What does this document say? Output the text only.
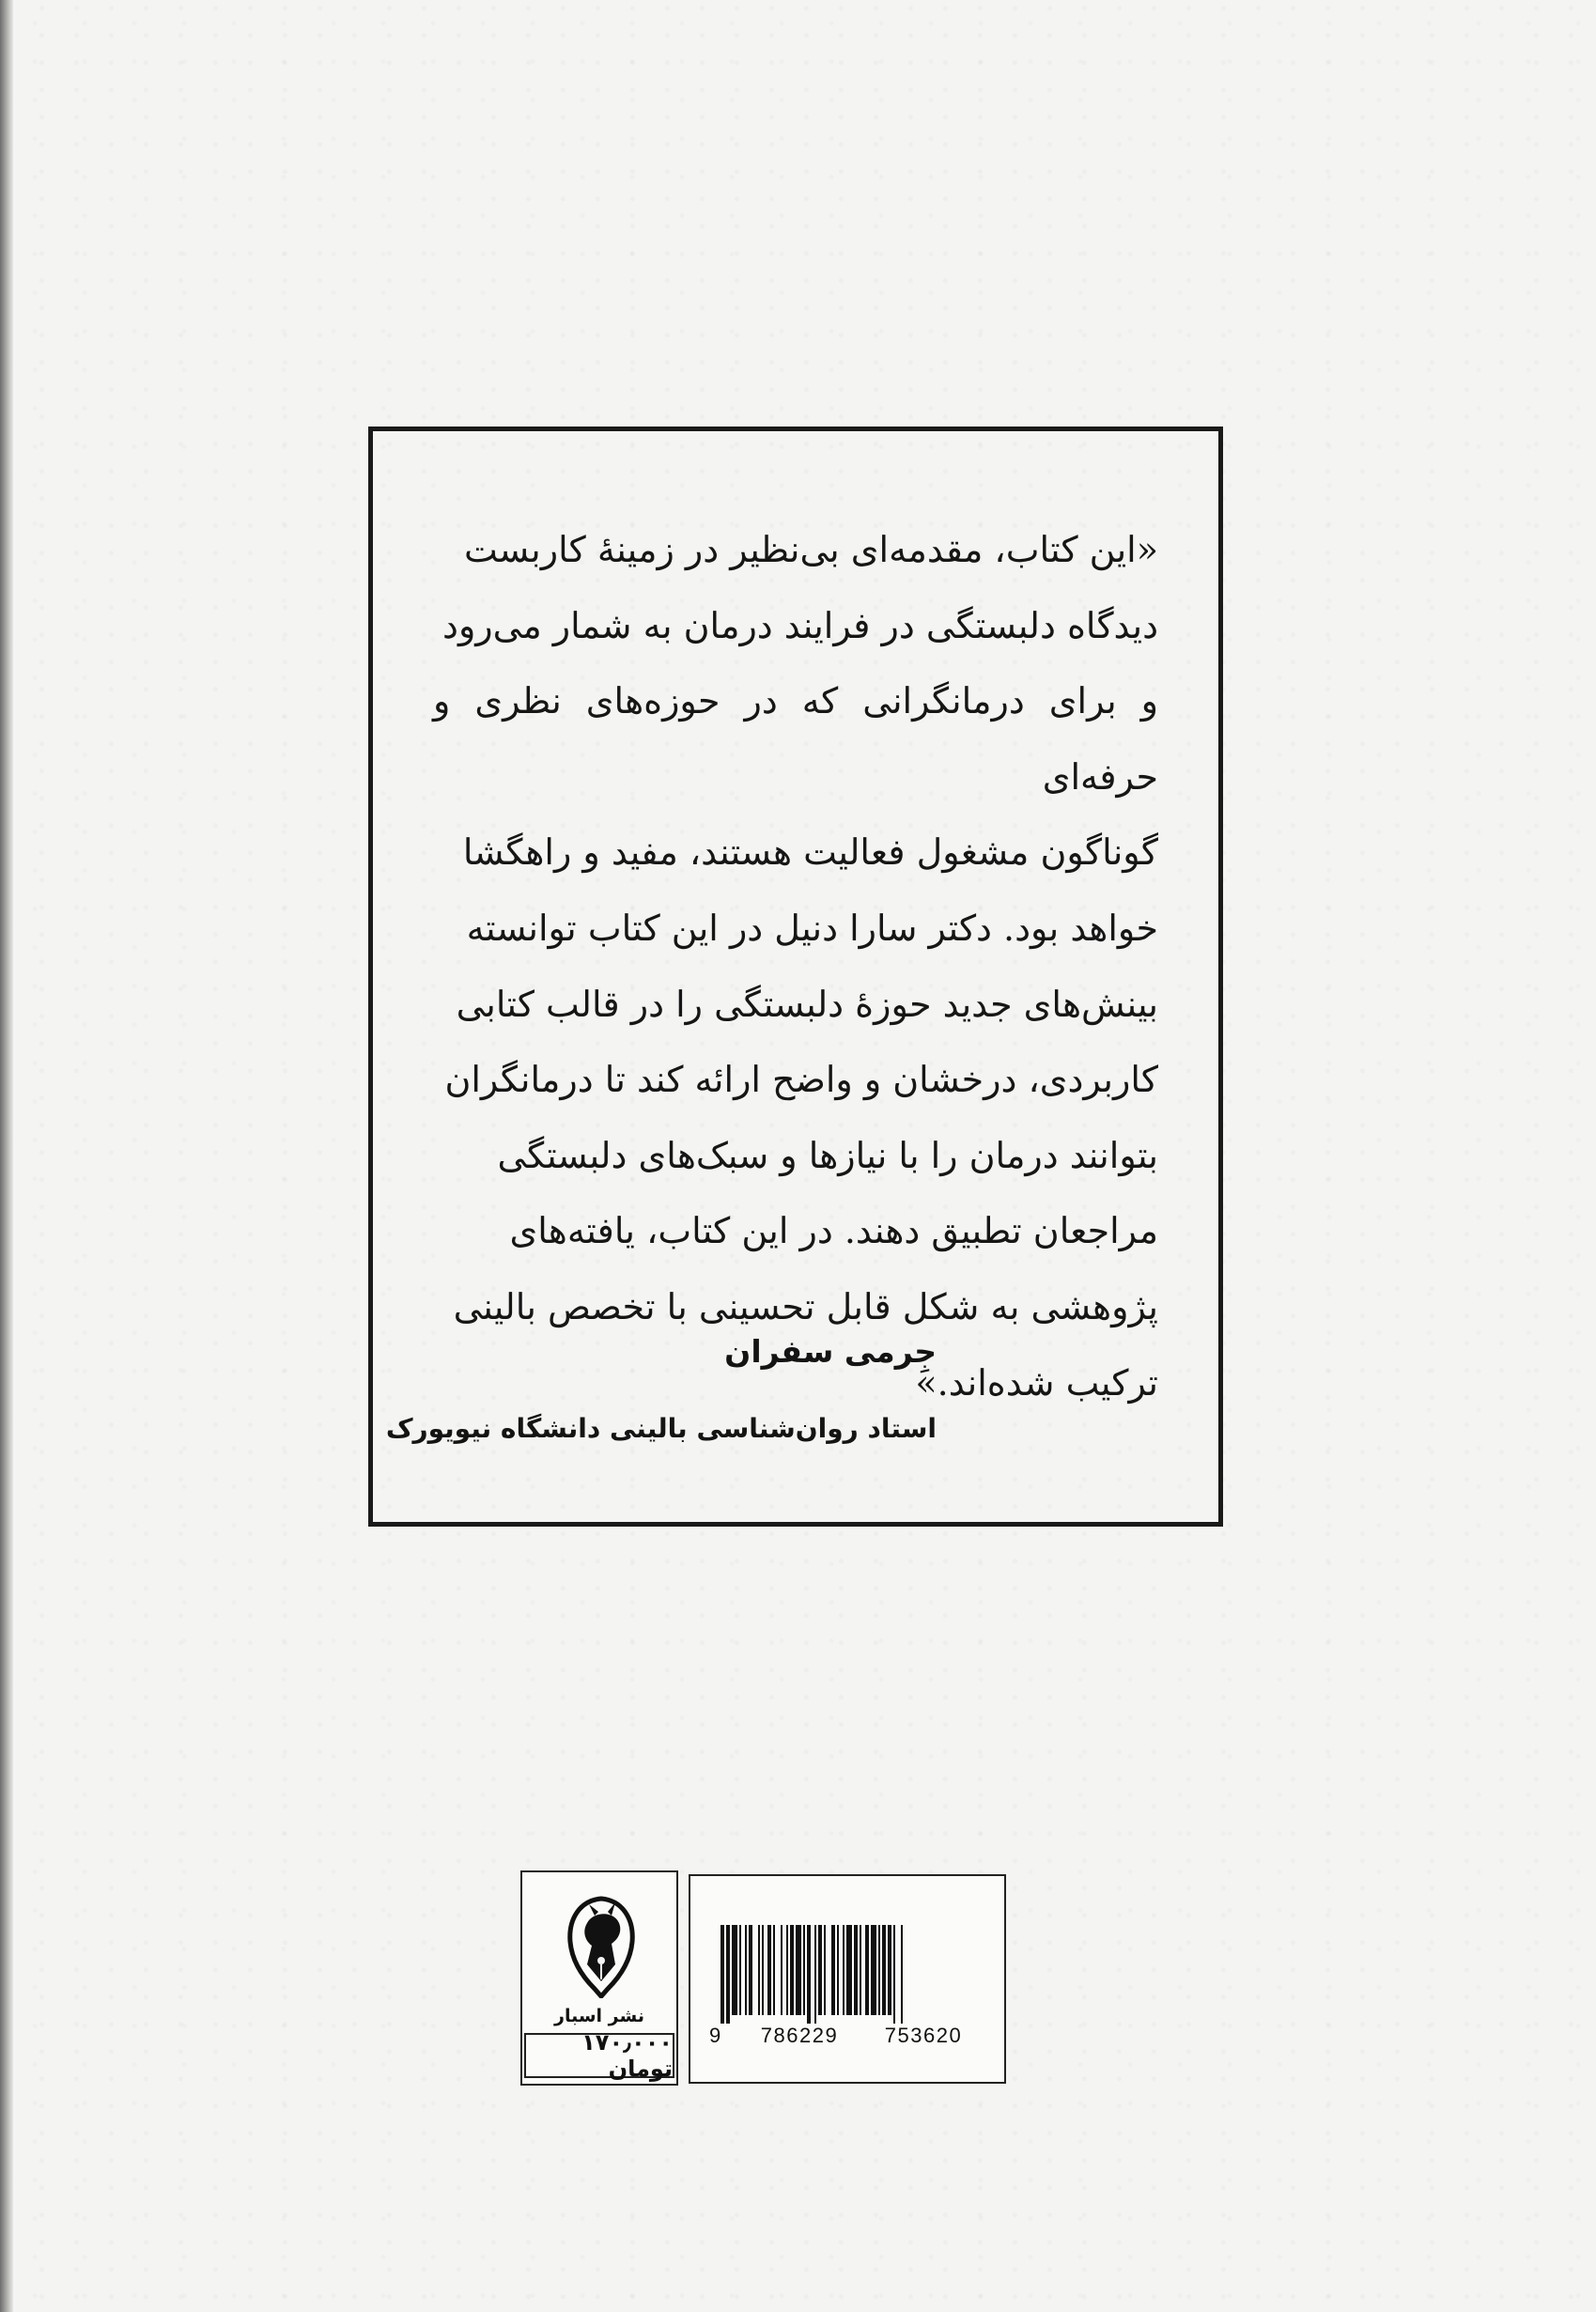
«این کتاب، مقدمه‌ای بی‌نظیر در زمینهٔ کاربست
دیدگاه دلبستگی در فرایند درمان به شمار می‌رود
و برای درمانگرانی که در حوزه‌های نظری و حرفه‌ای
گوناگون مشغول فعالیت هستند، مفید و راهگشا
خواهد بود. دکتر سارا دنیل در این کتاب توانسته
بینش‌های جدید حوزهٔ دلبستگی را در قالب کتابی
کاربردی، درخشان و واضح ارائه کند تا درمانگران
بتوانند درمان را با نیازها و سبک‌های دلبستگی
مراجعان تطبیق دهند. در این کتاب، یافته‌های
پژوهشی به شکل قابل تحسینی با تخصص بالینی
ترکیب شده‌اند.»

جِرمی سفران
استاد روان‌شناسی بالینی دانشگاه نیویورک
نشر اسبار
۱۷۰٫۰۰۰ تومان
9	786229	753620
